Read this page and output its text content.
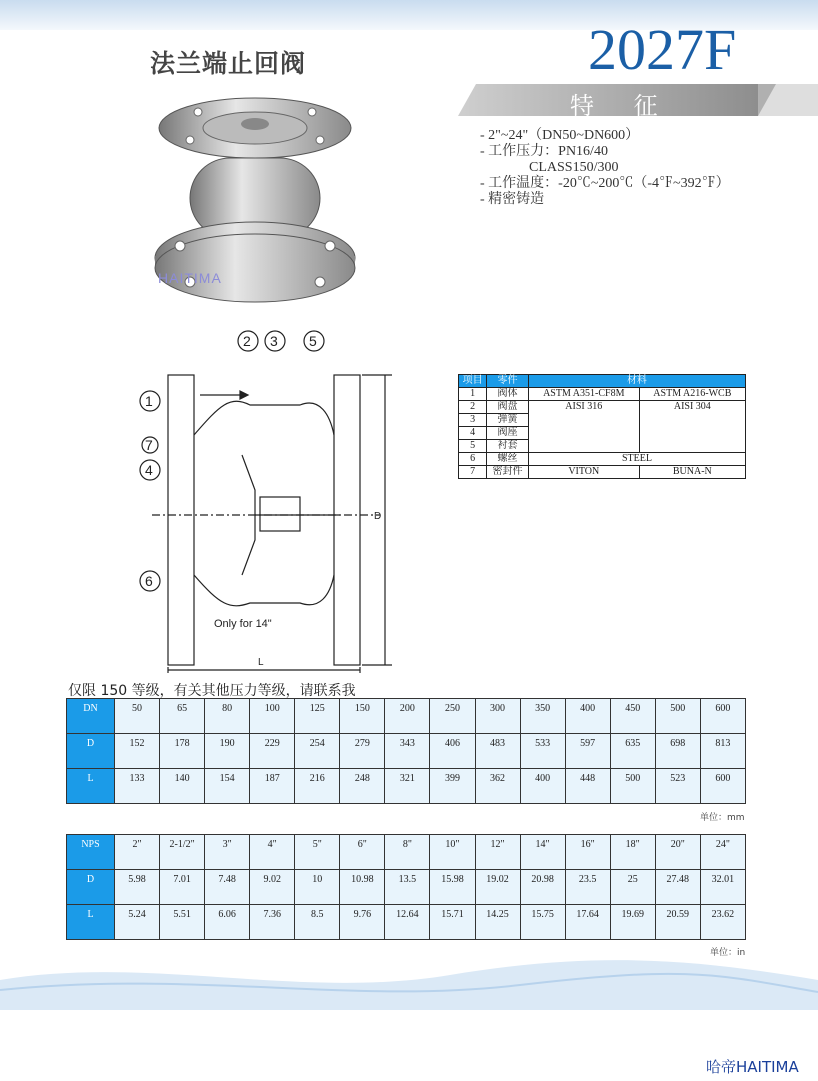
法兰端止回阀	2027F
特 征
- 2"~24"（DN50~DN600）
- 工作压力：PN16/40
CLASS150/300
- 工作温度：-20℃~200℃（-4℉~392℉）
- 精密铸造
HAITIMA
1
7
4
6
2 3 5
Only for 14"
D
L
项目	零件	材料	
1	阀体	ASTM A351-CF8M	ASTM A216-WCB
2	阀盘	AISI 316	AISI 304
3	弹簧		
4	阀座		
5	衬套		
6	螺丝	STEEL	
7	密封件	VITON	BUNA-N
仅限 150 等级，有关其他压力等级，请联系我
DN	50	65	80	100	125	150	200	250	300	350	400	450	500	600
D	152	178	190	229	254	279	343	406	483	533	597	635	698	813
L	133	140	154	187	216	248	321	399	362	400	448	500	523	600
单位：mm
NPS	2"	2-1/2"	3"	4"	5"	6"	8"	10"	12"	14"	16"	18"	20"	24"
D	5.98	7.01	7.48	9.02	10	10.98	13.5	15.98	19.02	20.98	23.5	25	27.48	32.01
L	5.24	5.51	6.06	7.36	8.5	9.76	12.64	15.71	14.25	15.75	17.64	19.69	20.59	23.62
单位：in
哈帝HAITIMA
